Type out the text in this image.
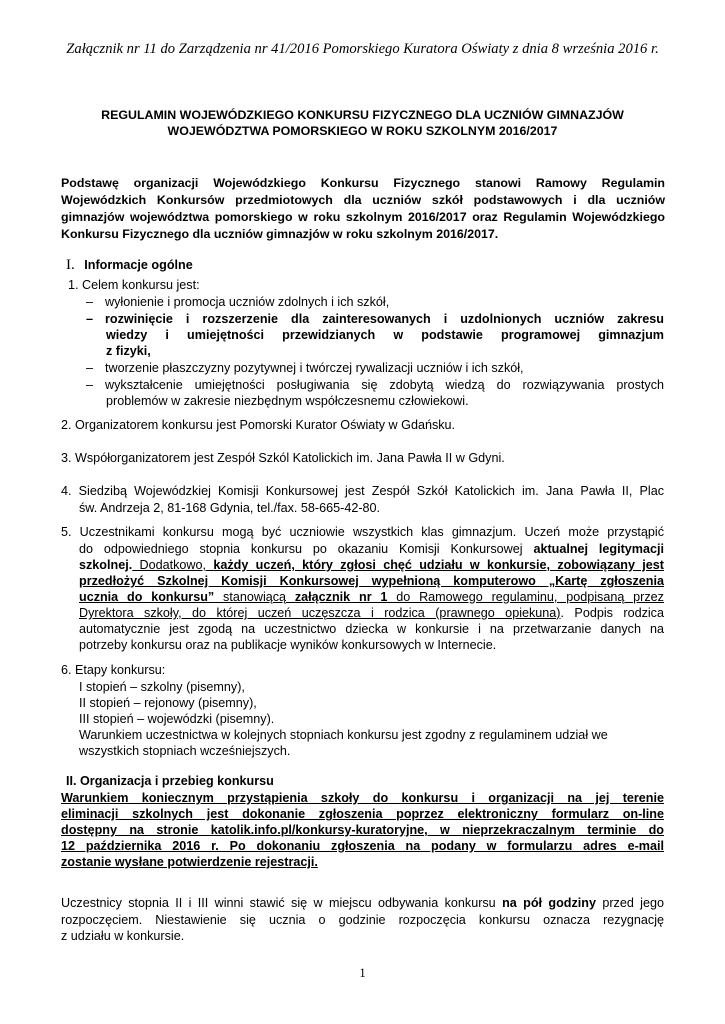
Załącznik nr 11 do Zarządzenia nr 41/2016 Pomorskiego Kuratora Oświaty z dnia 8 września 2016 r.
REGULAMIN WOJEWÓDZKIEGO KONKURSU FIZYCZNEGO DLA UCZNIÓW GIMNAZJÓW
WOJEWÓDZTWA POMORSKIEGO W ROKU SZKOLNYM 2016/2017
Podstawę organizacji Wojewódzkiego Konkursu Fizycznego stanowi Ramowy Regulamin Wojewódzkich Konkursów przedmiotowych dla uczniów szkół podstawowych i dla uczniów gimnazjów województwa pomorskiego w roku szkolnym 2016/2017 oraz Regulamin Wojewódzkiego Konkursu Fizycznego dla uczniów gimnazjów w roku szkolnym 2016/2017.
I. Informacje ogólne
1. Celem konkursu jest:
– wyłonienie i promocja uczniów zdolnych i ich szkół,
– rozwinięcie i rozszerzenie dla zainteresowanych i uzdolnionych uczniów zakresu
wiedzy i umiejętności przewidzianych w podstawie programowej gimnazjum
z fizyki,
– tworzenie płaszczyzny pozytywnej i twórczej rywalizacji uczniów i ich szkół,
– wykształcenie umiejętności posługiwania się zdobytą wiedzą do rozwiązywania prostych
problemów w zakresie niezbędnym współczesnemu człowiekowi.
2. Organizatorem konkursu jest Pomorski Kurator Oświaty w Gdańsku.
3. Współorganizatorem jest Zespół Szkól Katolickich im. Jana Pawła II w Gdyni.
4. Siedzibą Wojewódzkiej Komisji Konkursowej jest Zespół Szkół Katolickich im. Jana Pawła II, Plac
św. Andrzeja 2, 81-168 Gdynia, tel./fax. 58-665-42-80.
5. Uczestnikami konkursu mogą być uczniowie wszystkich klas gimnazjum. Uczeń może przystąpić
do odpowiedniego stopnia konkursu po okazaniu Komisji Konkursowej aktualnej legitymacji
szkolnej. Dodatkowo, każdy uczeń, który zgłosi chęć udziału w konkursie, zobowiązany jest
przedłożyć Szkolnej Komisji Konkursowej wypełnioną komputerowo „Kartę zgłoszenia
ucznia do konkursu” stanowiącą załącznik nr 1 do Ramowego regulaminu, podpisaną przez
Dyrektora szkoły, do której uczeń uczęszcza i rodzica (prawnego opiekuna). Podpis rodzica
automatycznie jest zgodą na uczestnictwo dziecka w konkursie i na przetwarzanie danych na
potrzeby konkursu oraz na publikacje wyników konkursowych w Internecie.
6. Etapy konkursu:
I stopień – szkolny (pisemny),
II stopień – rejonowy (pisemny),
III stopień – wojewódzki (pisemny).
Warunkiem uczestnictwa w kolejnych stopniach konkursu jest zgodny z regulaminem udział we
wszystkich stopniach wcześniejszych.
II. Organizacja i przebieg konkursu
Warunkiem koniecznym przystąpienia szkoły do konkursu i organizacji na jej terenie
eliminacji szkolnych jest dokonanie zgłoszenia poprzez elektroniczny formularz on-line
dostępny na stronie katolik.info.pl/konkursy-kuratoryjne, w nieprzekraczalnym terminie do
12 października 2016 r. Po dokonaniu zgłoszenia na podany w formularzu adres e-mail
zostanie wysłane potwierdzenie rejestracji.
Uczestnicy stopnia II i III winni stawić się w miejscu odbywania konkursu na pół godziny przed jego
rozpoczęciem. Niestawienie się ucznia o godzinie rozpoczęcia konkursu oznacza rezygnację
z udziału w konkursie.
1
